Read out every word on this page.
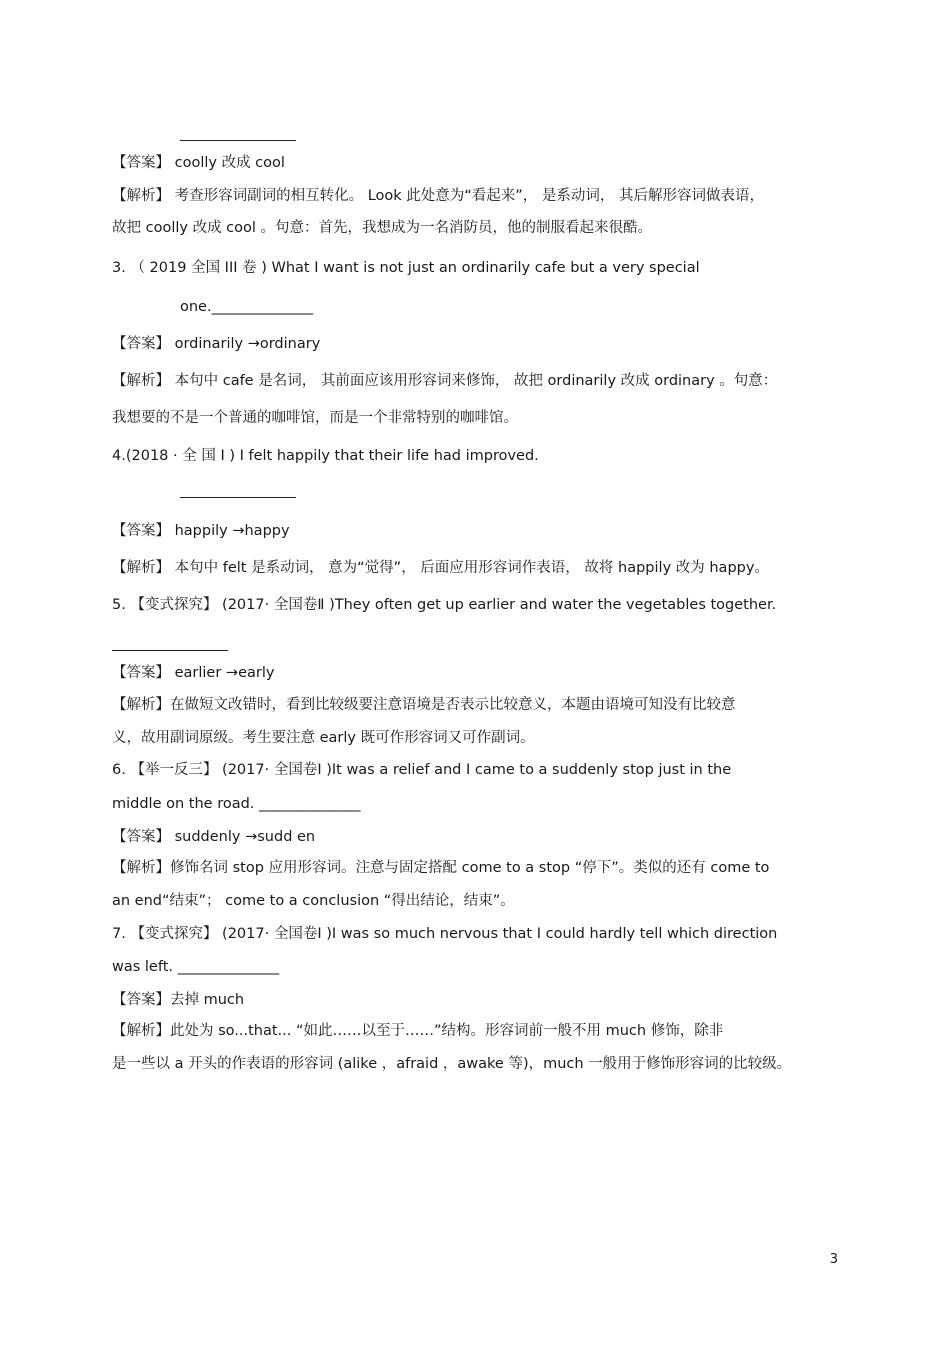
【答案】 coolly 改成 cool
【解析】 考查形容词副词的相互转化。 Look 此处意为“看起来”， 是系动词， 其后解形容词做表语，
故把 coolly 改成 cool 。句意：首先，我想成为一名消防员，他的制服看起来很酷。
3. （ 2019 全国 III 卷 ) What I want is not just an ordinarily cafe but a very special
one.______________
【答案】 ordinarily →ordinary
【解析】 本句中 cafe 是名词， 其前面应该用形容词来修饰， 故把 ordinarily 改成 ordinary 。句意：
我想要的不是一个普通的咖啡馆，而是一个非常特别的咖啡馆。
4.(2018 · 全 国 Ⅰ ) I felt happily that their life had improved.
【答案】 happily →happy
【解析】 本句中 felt 是系动词， 意为“觉得”， 后面应用形容词作表语， 故将 happily 改为 happy。
5. 【变式探究】 (2017· 全国卷Ⅱ )They often get up earlier and water the vegetables together.
【答案】 earlier →early
【解析】在做短文改错时，看到比较级要注意语境是否表示比较意义，本题由语境可知没有比较意
义，故用副词原级。考生要注意 early 既可作形容词又可作副词。
6. 【举一反三】 (2017· 全国卷Ⅰ )It was a relief and I came to a suddenly stop just in the
middle on the road. ______________
【答案】 suddenly →sudd en
【解析】修饰名词 stop 应用形容词。注意与固定搭配 come to a stop “停下”。类似的还有 come to
an end“结束”； come to a conclusion “得出结论，结束”。
7. 【变式探究】 (2017· 全国卷Ⅰ )I was so much nervous that I could hardly tell which direction
was left. ______________
【答案】去掉 much
【解析】此处为 so...that... “如此……以至于……”结构。形容词前一般不用 much 修饰，除非
是一些以 a 开头的作表语的形容词 (alike ，afraid ，awake 等)，much 一般用于修饰形容词的比较级。
3
